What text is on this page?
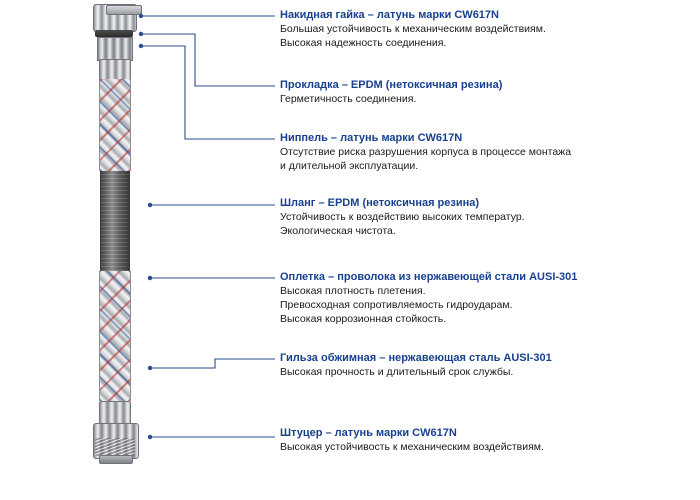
Накидная гайка – латунь марки CW617N
Большая устойчивость к механическим воздействиям.
Высокая надежность соединения.
Прокладка – EPDM (нетоксичная резина)
Герметичность соединения.
Ниппель – латунь марки CW617N
Отсутствие риска разрушения корпуса в процессе монтажа
и длительной эксплуатации.
Шланг – EPDM (нетоксичная резина)
Устойчивость к воздействию высоких температур.
Экологическая чистота.
Оплетка – проволока из нержавеющей стали AUSI-301
Высокая плотность плетения.
Превосходная сопротивляемость гидроударам.
Высокая коррозионная стойкость.
Гильза обжимная – нержавеющая сталь AUSI-301
Высокая прочность и длительный срок службы.
Штуцер – латунь марки CW617N
Высокая устойчивость к механическим воздействиям.
